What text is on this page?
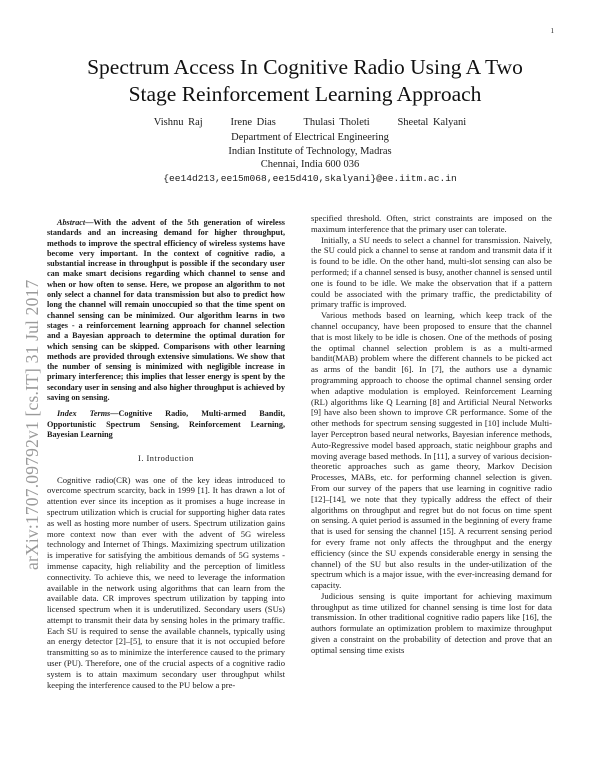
1
arXiv:1707.09792v1 [cs.IT] 31 Jul 2017
Spectrum Access In Cognitive Radio Using A Two
Stage Reinforcement Learning Approach
Vishnu Raj      Irene Dias      Thulasi Tholeti      Sheetal Kalyani
Department of Electrical Engineering
Indian Institute of Technology, Madras
Chennai, India 600 036
{ee14d213,ee15m068,ee15d410,skalyani}@ee.iitm.ac.in

Abstract—With the advent of the 5th generation of wireless standards and an increasing demand for higher throughput, methods to improve the spectral efficiency of wireless systems have become very important. In the context of cognitive radio, a substantial increase in throughput is possible if the secondary user can make smart decisions regarding which channel to sense and when or how often to sense. Here, we propose an algorithm to not only select a channel for data transmission but also to predict how long the channel will remain unoccupied so that the time spent on channel sensing can be minimized. Our algorithm learns in two stages - a reinforcement learning approach for channel selection and a Bayesian approach to determine the optimal duration for which sensing can be skipped. Comparisons with other learning methods are provided through extensive simulations. We show that the number of sensing is minimized with negligible increase in primary interference; this implies that lesser energy is spent by the secondary user in sensing and also higher throughput is achieved by saving on sensing.

Index Terms—Cognitive Radio, Multi-armed Bandit, Opportunistic Spectrum Sensing, Reinforcement Learning, Bayesian Learning

I. Introduction

Cognitive radio(CR) was one of the key ideas introduced to overcome spectrum scarcity, back in 1999 [1]. It has drawn a lot of attention ever since its inception as it promises a huge increase in spectrum utilization which is crucial for supporting higher data rates as well as hosting more number of users. Spectrum utilization gains more context now than ever with the advent of 5G wireless technology and Internet of Things. Maximizing spectrum utilization is imperative for satisfying the ambitious demands of 5G systems - immense capacity, high reliability and the perception of limitless connectivity. To achieve this, we need to leverage the information available in the network using algorithms that can learn from the available data. CR improves spectrum utilization by tapping into licensed spectrum when it is underutilized. Secondary users (SUs) attempt to transmit their data by sensing holes in the primary traffic. Each SU is required to sense the available channels, typically using an energy detector [2]–[5], to ensure that it is not occupied before transmitting so as to minimize the interference caused to the primary user (PU). Therefore, one of the crucial aspects of a cognitive radio system is to attain maximum secondary user throughput whilst keeping the interference caused to the PU below a pre-

specified threshold. Often, strict constraints are imposed on the maximum interference that the primary user can tolerate.

Initially, a SU needs to select a channel for transmission. Naively, the SU could pick a channel to sense at random and transmit data if it is found to be idle. On the other hand, multi-slot sensing can also be performed; if a channel sensed is busy, another channel is sensed until one is found to be idle. We make the observation that if a pattern could be associated with the primary traffic, the predictability of primary traffic is improved.

Various methods based on learning, which keep track of the channel occupancy, have been proposed to ensure that the channel that is most likely to be idle is chosen. One of the methods of posing the optimal channel selection problem is as a multi-armed bandit(MAB) problem where the different channels to be picked act as arms of the bandit [6]. In [7], the authors use a dynamic programming approach to choose the optimal channel sensing order when adaptive modulation is employed. Reinforcement Learning (RL) algorithms like Q Learning [8] and Artificial Neural Networks [9] have also been shown to improve CR performance. Some of the other methods for spectrum sensing suggested in [10] include Multi-layer Perceptron based neural networks, Bayesian inference methods, Auto-Regressive model based approach, static neighbour graphs and moving average based methods. In [11], a survey of various decision-theoretic approaches such as game theory, Markov Decision Processes, MABs, etc. for performing channel selection is given. From our survey of the papers that use learning in cognitive radio [12]–[14], we note that they typically address the effect of their algorithms on throughput and regret but do not focus on time spent on sensing. A quiet period is assumed in the beginning of every frame that is used for sensing the channel [15]. A recurrent sensing period for every frame not only affects the throughput and the energy efficiency (since the SU expends considerable energy in sensing the channel) of the SU but also results in the under-utilization of the spectrum which is a major issue, with the ever-increasing demand for capacity.

Judicious sensing is quite important for achieving maximum throughput as time utilized for channel sensing is time lost for data transmission. In other traditional cognitive radio papers like [16], the authors formulate an optimization problem to maximize throughput given a constraint on the probability of detection and prove that an optimal sensing time exists
